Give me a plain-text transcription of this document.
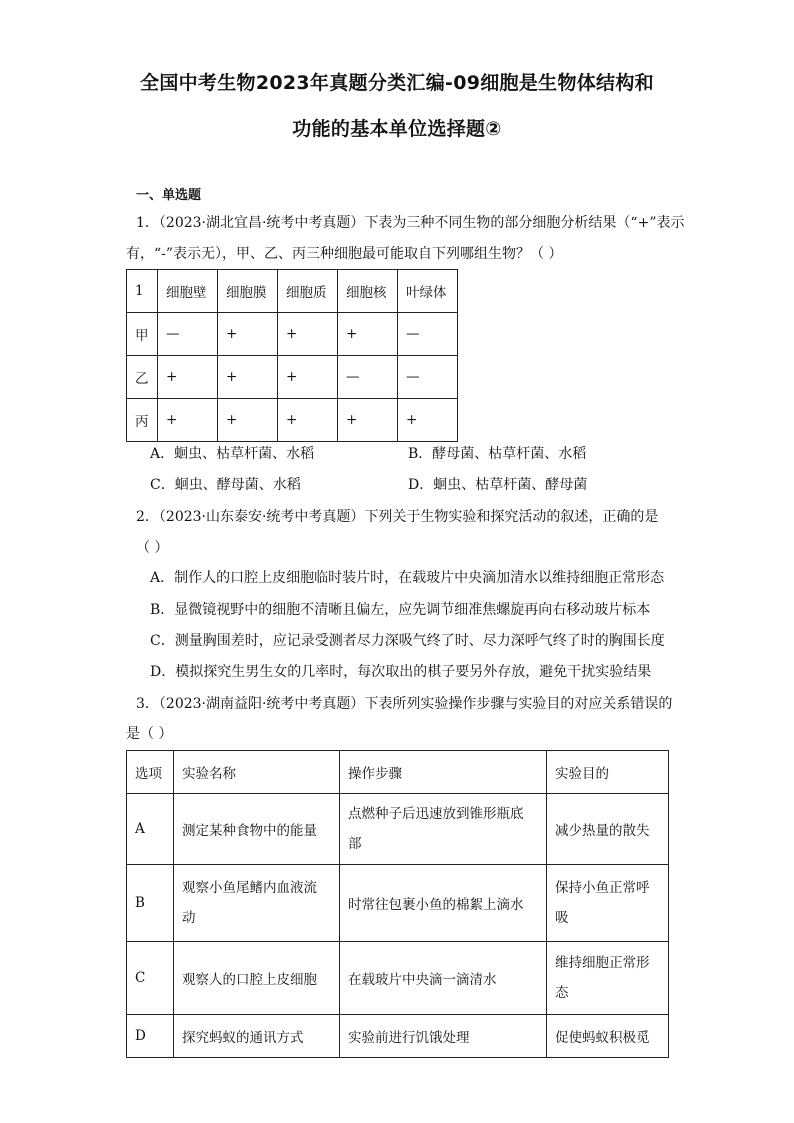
全国中考生物2023年真题分类汇编-09细胞是生物体结构和
功能的基本单位选择题②
一、单选题
1．（2023·湖北宜昌·统考中考真题）下表为三种不同生物的部分细胞分析结果（“+”表示
有，“-”表示无），甲、乙、丙三种细胞最可能取自下列哪组生物？（ ）
1	细胞壁	细胞膜	细胞质	细胞核	叶绿体
甲	—	+	+	+	—
乙	+	+	+	—	—
丙	+	+	+	+	+
A．蛔虫、枯草杆菌、水稻	B．酵母菌、枯草杆菌、水稻
C．蛔虫、酵母菌、水稻	D．蛔虫、枯草杆菌、酵母菌
2．（2023·山东泰安·统考中考真题）下列关于生物实验和探究活动的叙述，正确的是
（ ）
A．制作人的口腔上皮细胞临时装片时，在载玻片中央滴加清水以维持细胞正常形态
B．显微镜视野中的细胞不清晰且偏左，应先调节细准焦螺旋再向右移动玻片标本
C．测量胸围差时，应记录受测者尽力深吸气终了时、尽力深呼气终了时的胸围长度
D．模拟探究生男生女的几率时，每次取出的棋子要另外存放，避免干扰实验结果
3．（2023·湖南益阳·统考中考真题）下表所列实验操作步骤与实验目的对应关系错误的
是（ ）
选项	实验名称	操作步骤	实验目的
A	测定某种食物中的能量	点燃种子后迅速放到锥形瓶底部	减少热量的散失
B	观察小鱼尾鳍内血液流动	时常往包裹小鱼的棉絮上滴水	保持小鱼正常呼吸
C	观察人的口腔上皮细胞	在载玻片中央滴一滴清水	维持细胞正常形态
D	探究蚂蚁的通讯方式	实验前进行饥饿处理	促使蚂蚁积极觅
